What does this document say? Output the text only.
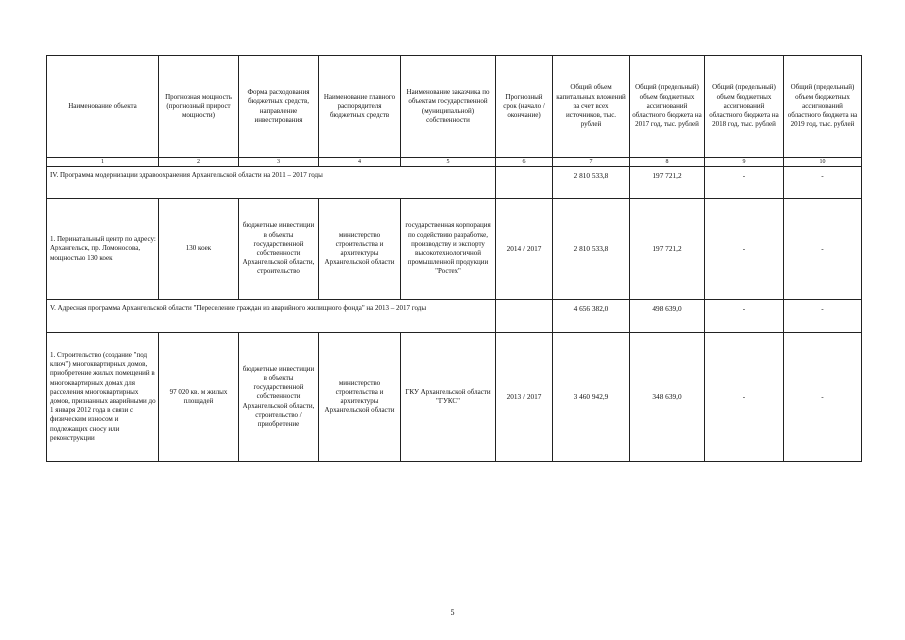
Наименование объекта	Прогнозная мощность (прогнозный прирост мощности)	Форма расходования бюджетных средств, направление инвестирования	Наименование главного распорядителя бюджетных средств	Наименование заказчика по объектам государственной (муниципальной) собственности	Прогнозный срок (начало / окончание)	Общий объем капитальных вложений за счет всех источников, тыс. рублей	Общий (предельный) объем бюджетных ассигнований областного бюджета на 2017 год, тыс. рублей	Общий (предельный) объем бюджетных ассигнований областного бюджета на 2018 год, тыс. рублей	Общий (предельный) объем бюджетных ассигнований областного бюджета на 2019 год, тыс. рублей
1	2	3	4	5	6	7	8	9	10
IV. Программа модернизации здравоохранения Архангельской области на 2011 – 2017 годы						2 810 533,8	197 721,2	-	-
1. Перинатальный центр по адресу: Архангельск, пр. Ломоносова, мощностью 130 коек	130 коек	бюджетные инвестиции в объекты государственной собственности Архангельской области, строительство	министерство строительства и архитектуры Архангельской области	государственная корпорация по содействию разработке, производству и экспорту высокотехнологичной промышленной продукции "Ростех"	2014 / 2017	2 810 533,8	197 721,2	-	-
V. Адресная программа Архангельской области "Переселение граждан из аварийного жилищного фонда" на 2013 – 2017 годы						4 656 382,0	498 639,0	-	-
1. Строительство (создание "под ключ") многоквартирных домов, приобретение жилых помещений в многоквартирных домах для расселения многоквартирных домов, признанных аварийными до 1 января 2012 года в связи с физическим износом и подлежащих сносу или реконструкции	97 020 кв. м жилых площадей	бюджетные инвестиции в объекты государственной собственности Архангельской области, строительство / приобретение	министерство строительства и архитектуры Архангельской области	ГКУ Архангельской области "ГУКС"	2013 / 2017	3 460 942,9	348 639,0	-	-
5
